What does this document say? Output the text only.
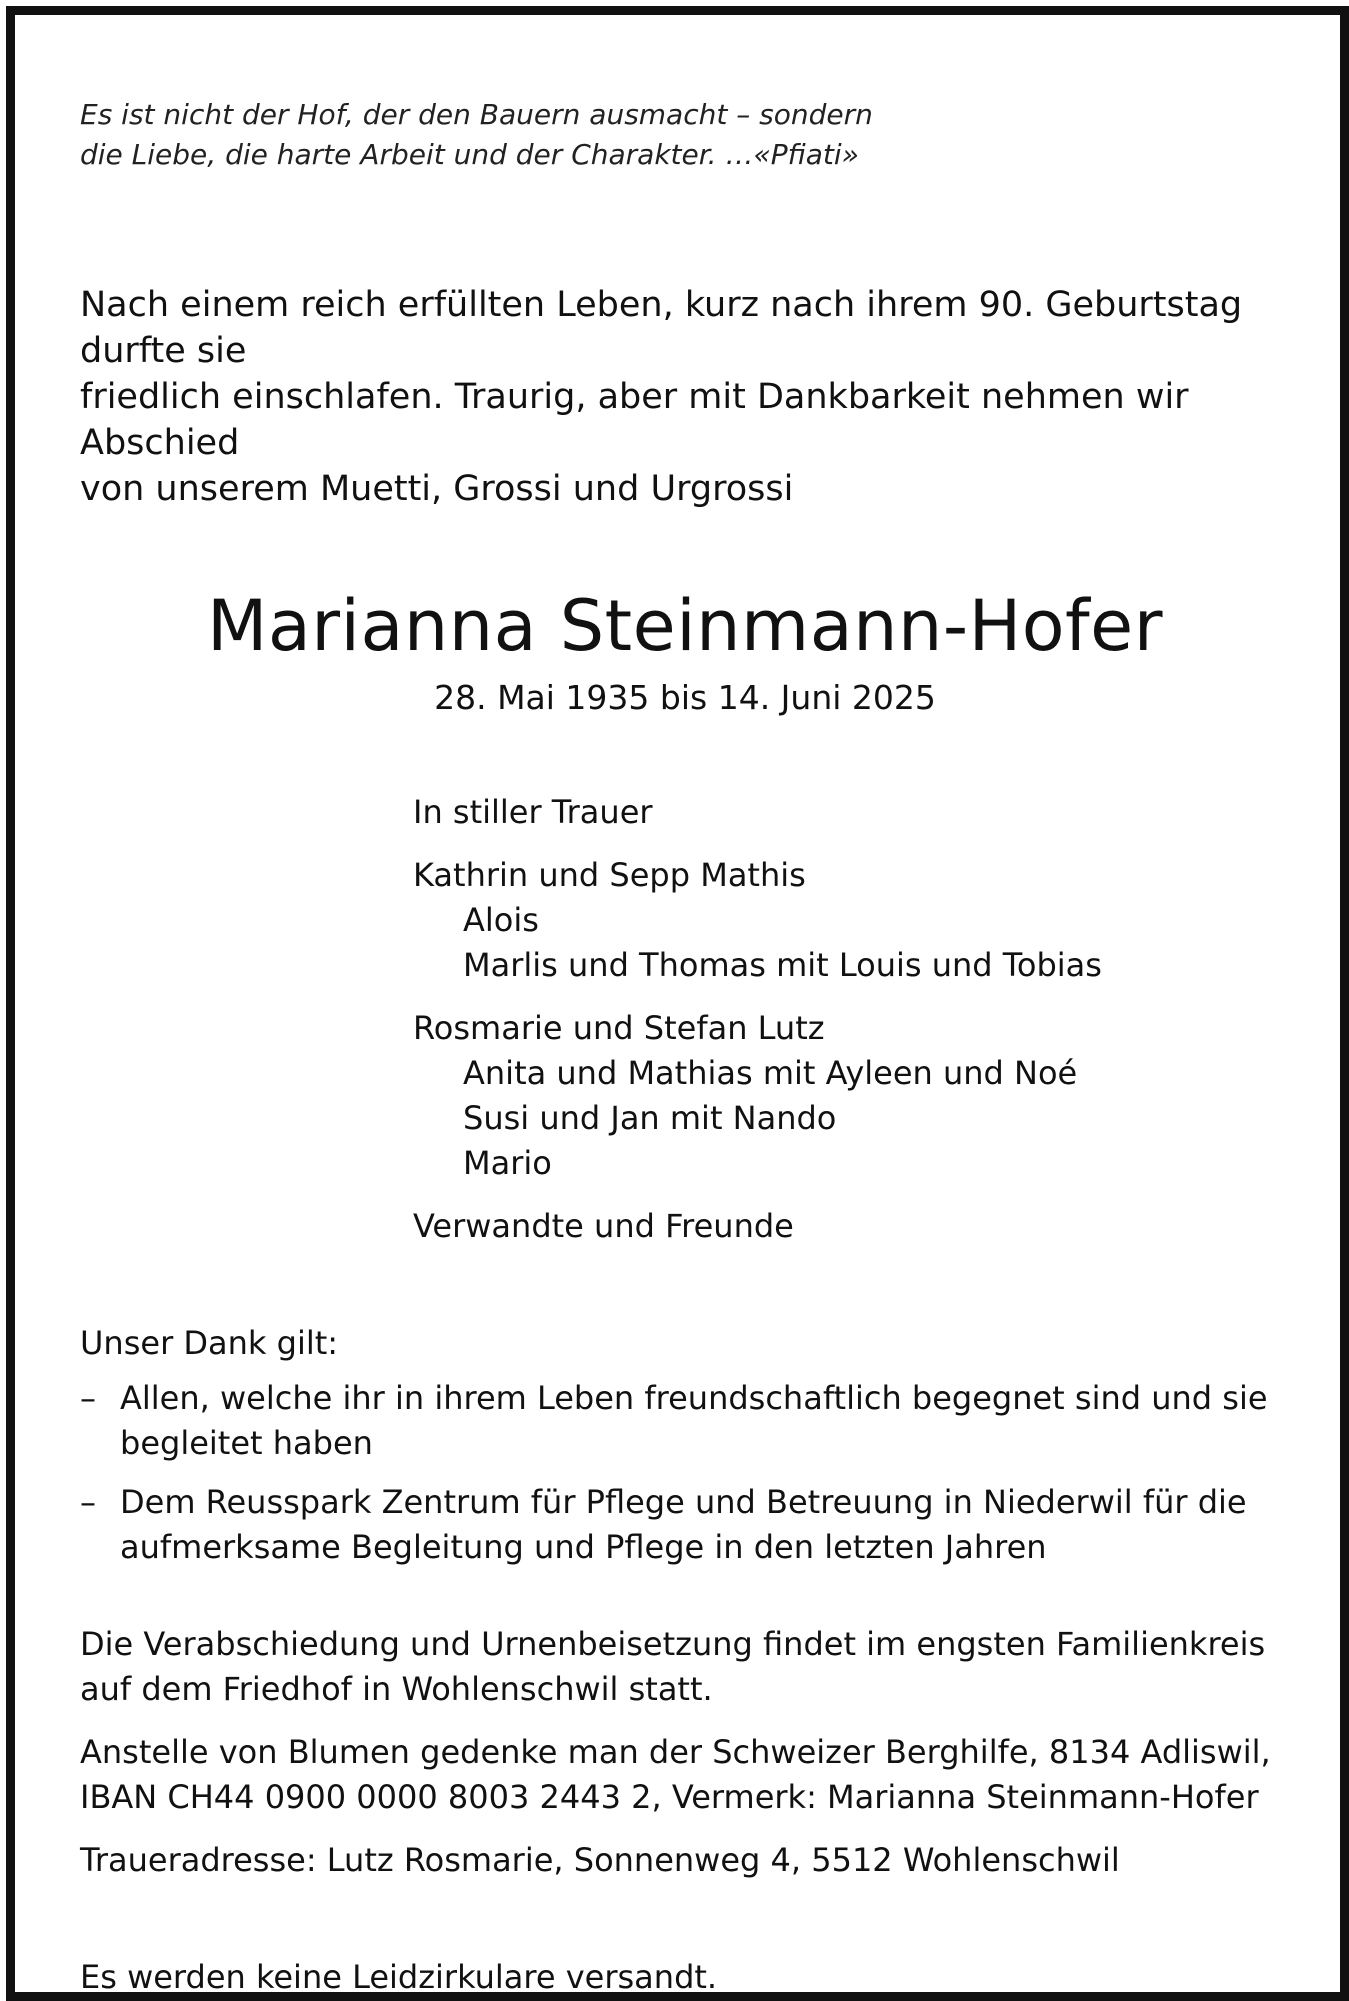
Es ist nicht der Hof, der den Bauern ausmacht – sondern
die Liebe, die harte Arbeit und der Charakter. …«Pfiati»
Nach einem reich erfüllten Leben, kurz nach ihrem 90. Geburtstag durfte sie
friedlich einschlafen. Traurig, aber mit Dankbarkeit nehmen wir Abschied
von unserem Muetti, Grossi und Urgrossi
Marianna Steinmann-Hofer
28. Mai 1935 bis 14. Juni 2025
In stiller Trauer
Kathrin und Sepp Mathis
Alois
Marlis und Thomas mit Louis und Tobias
Rosmarie und Stefan Lutz
Anita und Mathias mit Ayleen und Noé
Susi und Jan mit Nando
Mario
Verwandte und Freunde
Unser Dank gilt:
– Allen, welche ihr in ihrem Leben freundschaftlich begegnet sind und sie
begleitet haben
– Dem Reusspark Zentrum für Pflege und Betreuung in Niederwil für die
aufmerksame Begleitung und Pflege in den letzten Jahren
Die Verabschiedung und Urnenbeisetzung findet im engsten Familienkreis
auf dem Friedhof in Wohlenschwil statt.
Anstelle von Blumen gedenke man der Schweizer Berghilfe, 8134 Adliswil,
IBAN CH44 0900 0000 8003 2443 2, Vermerk: Marianna Steinmann-Hofer
Traueradresse: Lutz Rosmarie, Sonnenweg 4, 5512 Wohlenschwil
Es werden keine Leidzirkulare versandt.
